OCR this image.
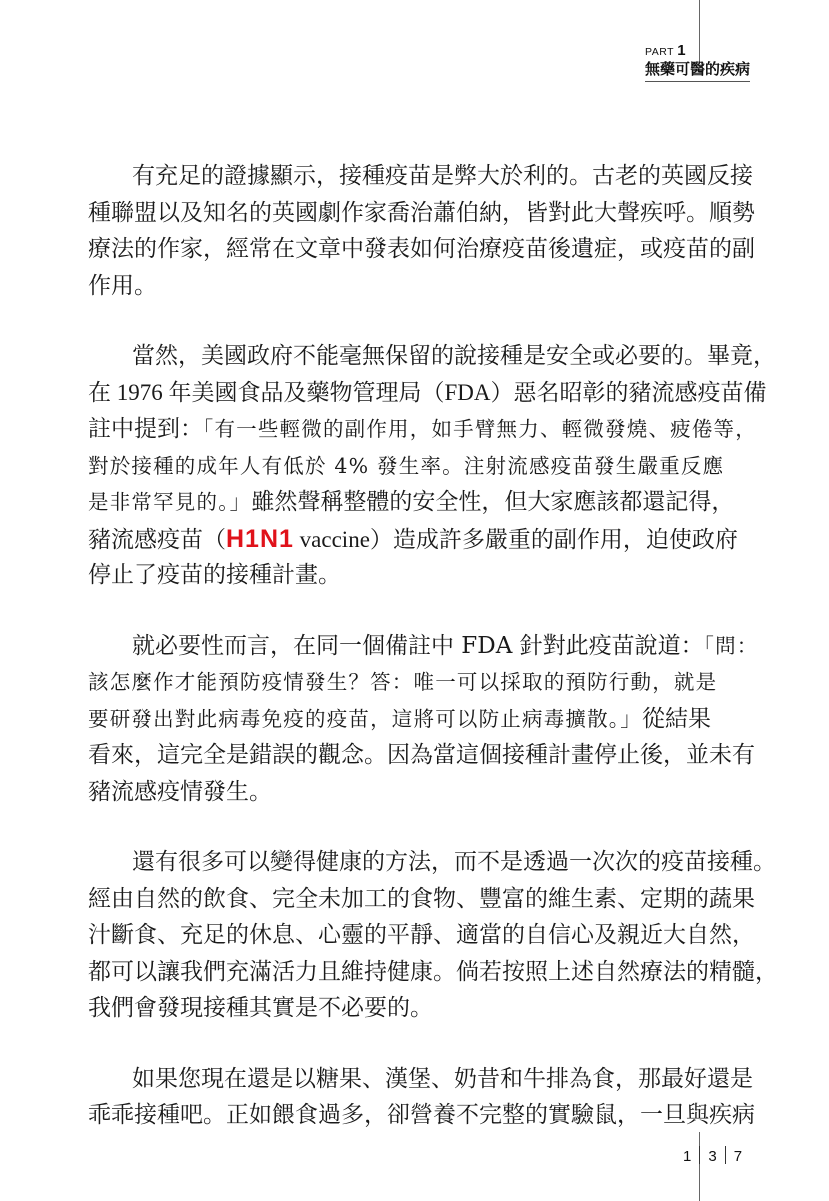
PART 1
無藥可醫的疾病
有充足的證據顯示，接種疫苗是弊大於利的。古老的英國反接
種聯盟以及知名的英國劇作家喬治蕭伯納，皆對此大聲疾呼。順勢
療法的作家，經常在文章中發表如何治療疫苗後遺症，或疫苗的副
作用。
當然，美國政府不能毫無保留的說接種是安全或必要的。畢竟，
在 1976 年美國食品及藥物管理局（FDA）惡名昭彰的豬流感疫苗備
註中提到：「有一些輕微的副作用，如手臂無力、輕微發燒、疲倦等，
對於接種的成年人有低於 4% 發生率。注射流感疫苗發生嚴重反應
是非常罕見的。」雖然聲稱整體的安全性，但大家應該都還記得，
豬流感疫苗（H1N1 vaccine）造成許多嚴重的副作用，迫使政府
停止了疫苗的接種計畫。
就必要性而言，在同一個備註中 FDA 針對此疫苗說道：「問：
該怎麼作才能預防疫情發生？答：唯一可以採取的預防行動，就是
要研發出對此病毒免疫的疫苗，這將可以防止病毒擴散。」從結果
看來，這完全是錯誤的觀念。因為當這個接種計畫停止後，並未有
豬流感疫情發生。
還有很多可以變得健康的方法，而不是透過一次次的疫苗接種。
經由自然的飲食、完全未加工的食物、豐富的維生素、定期的蔬果
汁斷食、充足的休息、心靈的平靜、適當的自信心及親近大自然，
都可以讓我們充滿活力且維持健康。倘若按照上述自然療法的精髓，
我們會發現接種其實是不必要的。
如果您現在還是以糖果、漢堡、奶昔和牛排為食，那最好還是
乖乖接種吧。正如餵食過多，卻營養不完整的實驗鼠，一旦與疾病
1 3 7
